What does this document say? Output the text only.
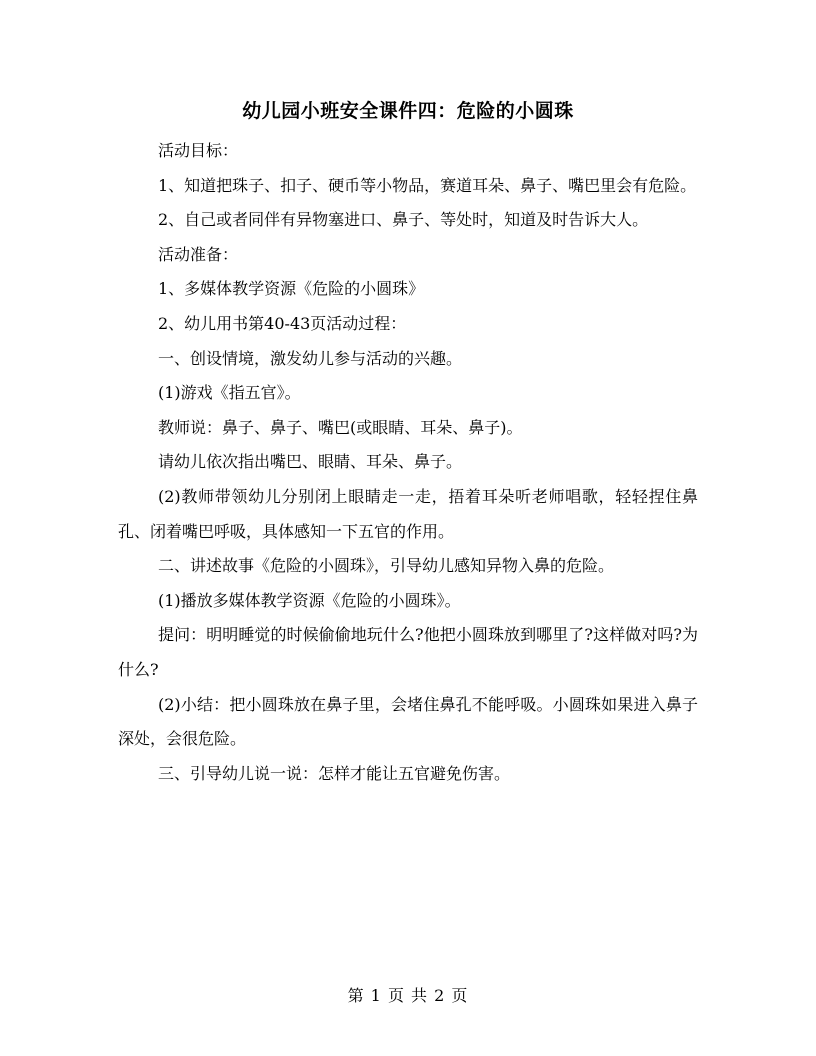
幼儿园小班安全课件四：危险的小圆珠

活动目标：

1、知道把珠子、扣子、硬币等小物品，赛道耳朵、鼻子、嘴巴里会有危险。

2、自己或者同伴有异物塞进口、鼻子、等处时，知道及时告诉大人。

活动准备：

1、多媒体教学资源《危险的小圆珠》

2、幼儿用书第40-43页活动过程：

一、创设情境，激发幼儿参与活动的兴趣。

(1)游戏《指五官》。

教师说：鼻子、鼻子、嘴巴(或眼睛、耳朵、鼻子)。

请幼儿依次指出嘴巴、眼睛、耳朵、鼻子。

(2)教师带领幼儿分别闭上眼睛走一走，捂着耳朵听老师唱歌，轻轻捏住鼻孔、闭着嘴巴呼吸，具体感知一下五官的作用。

二、讲述故事《危险的小圆珠》，引导幼儿感知异物入鼻的危险。

(1)播放多媒体教学资源《危险的小圆珠》。

提问：明明睡觉的时候偷偷地玩什么?他把小圆珠放到哪里了?这样做对吗?为什么?

(2)小结：把小圆珠放在鼻子里，会堵住鼻孔不能呼吸。小圆珠如果进入鼻子深处，会很危险。

三、引导幼儿说一说：怎样才能让五官避免伤害。

第 1 页 共 2 页
